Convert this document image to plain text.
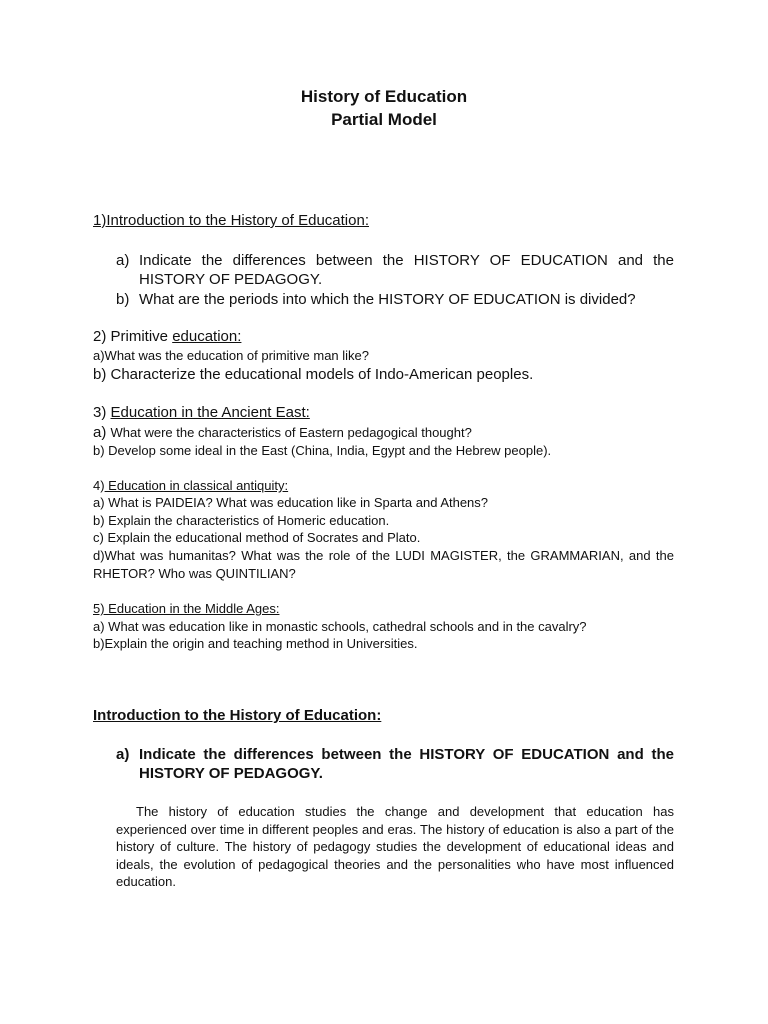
History of Education
Partial Model
1)Introduction to the History of Education:
a) Indicate the differences between the HISTORY OF EDUCATION and the HISTORY OF PEDAGOGY.
b) What are the periods into which the HISTORY OF EDUCATION is divided?
2) Primitive education:
a)What was the education of primitive man like?
b) Characterize the educational models of Indo-American peoples.
3) Education in the Ancient East:
a) What were the characteristics of Eastern pedagogical thought?
b) Develop some ideal in the East (China, India, Egypt and the Hebrew people).
4) Education in classical antiquity:
a) What is PAIDEIA? What was education like in Sparta and Athens?
b) Explain the characteristics of Homeric education.
c) Explain the educational method of Socrates and Plato.
d)What was humanitas? What was the role of the LUDI MAGISTER, the GRAMMARIAN, and the RHETOR? Who was QUINTILIAN?
5) Education in the Middle Ages:
a) What was education like in monastic schools, cathedral schools and in the cavalry?
b)Explain the origin and teaching method in Universities.
Introduction to the History of Education:
a) Indicate the differences between the HISTORY OF EDUCATION and the HISTORY OF PEDAGOGY.
The history of education studies the change and development that education has experienced over time in different peoples and eras. The history of education is also a part of the history of culture. The history of pedagogy studies the development of educational ideas and ideals, the evolution of pedagogical theories and the personalities who have most influenced education.
